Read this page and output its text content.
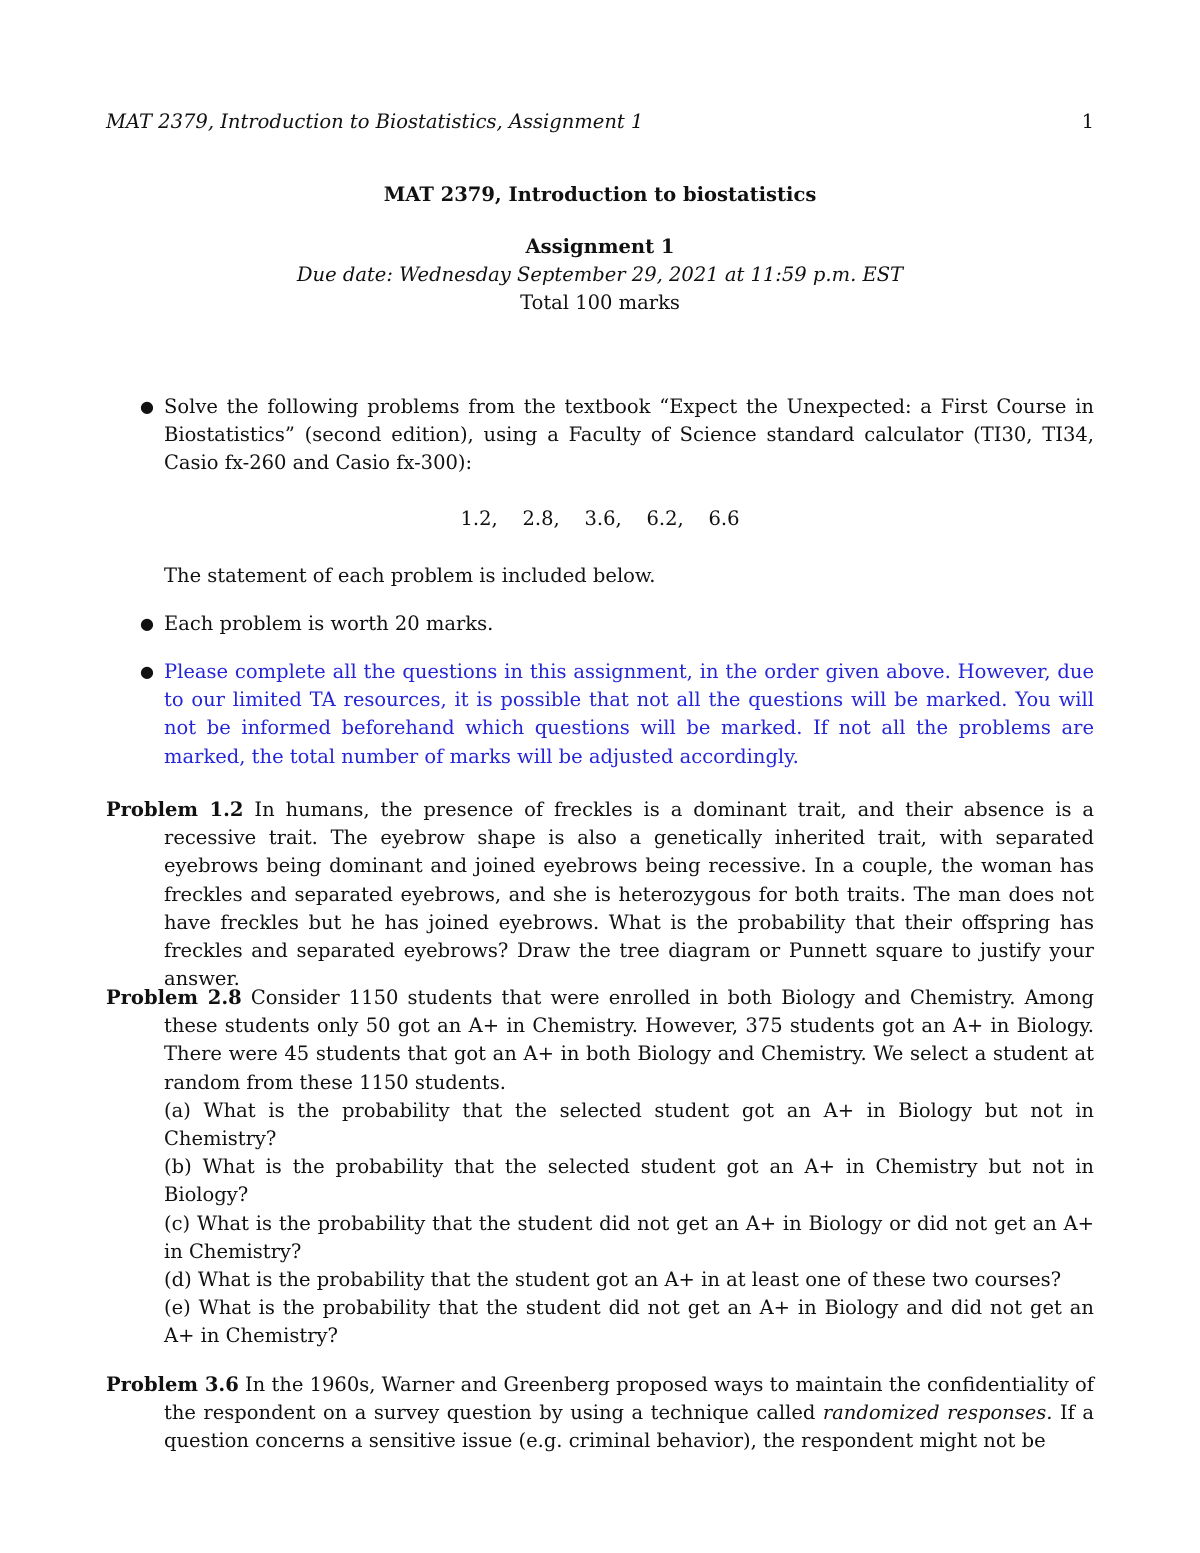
MAT 2379, Introduction to Biostatistics, Assignment 1	1
MAT 2379, Introduction to biostatistics
Assignment 1
Due date: Wednesday September 29, 2021 at 11:59 p.m. EST
Total 100 marks
● Solve the following problems from the textbook “Expect the Unexpected: a First Course in Biostatistics” (second edition), using a Faculty of Science standard calculator (TI30, TI34, Casio fx-260 and Casio fx-300):

1.2,    2.8,    3.6,    6.2,    6.6
The statement of each problem is included below.
● Each problem is worth 20 marks.

● Please complete all the questions in this assignment, in the order given above. However, due to our limited TA resources, it is possible that not all the questions will be marked. You will not be informed beforehand which questions will be marked. If not all the problems are marked, the total number of marks will be adjusted accordingly.

Problem 1.2 In humans, the presence of freckles is a dominant trait, and their absence is a recessive trait. The eyebrow shape is also a genetically inherited trait, with separated eyebrows being dominant and joined eyebrows being recessive. In a couple, the woman has freckles and separated eyebrows, and she is heterozygous for both traits. The man does not have freckles but he has joined eyebrows. What is the probability that their offspring has freckles and separated eyebrows? Draw the tree diagram or Punnett square to justify your answer.

Problem 2.8 Consider 1150 students that were enrolled in both Biology and Chemistry. Among these students only 50 got an A+ in Chemistry. However, 375 students got an A+ in Biology. There were 45 students that got an A+ in both Biology and Chemistry. We select a student at random from these 1150 students.

(a) What is the probability that the selected student got an A+ in Biology but not in Chemistry?

(b) What is the probability that the selected student got an A+ in Chemistry but not in Biology?

(c) What is the probability that the student did not get an A+ in Biology or did not get an A+ in Chemistry?

(d) What is the probability that the student got an A+ in at least one of these two courses?

(e) What is the probability that the student did not get an A+ in Biology and did not get an A+ in Chemistry?

Problem 3.6 In the 1960s, Warner and Greenberg proposed ways to maintain the confidentiality of the respondent on a survey question by using a technique called randomized responses. If a question concerns a sensitive issue (e.g. criminal behavior), the respondent might not be
